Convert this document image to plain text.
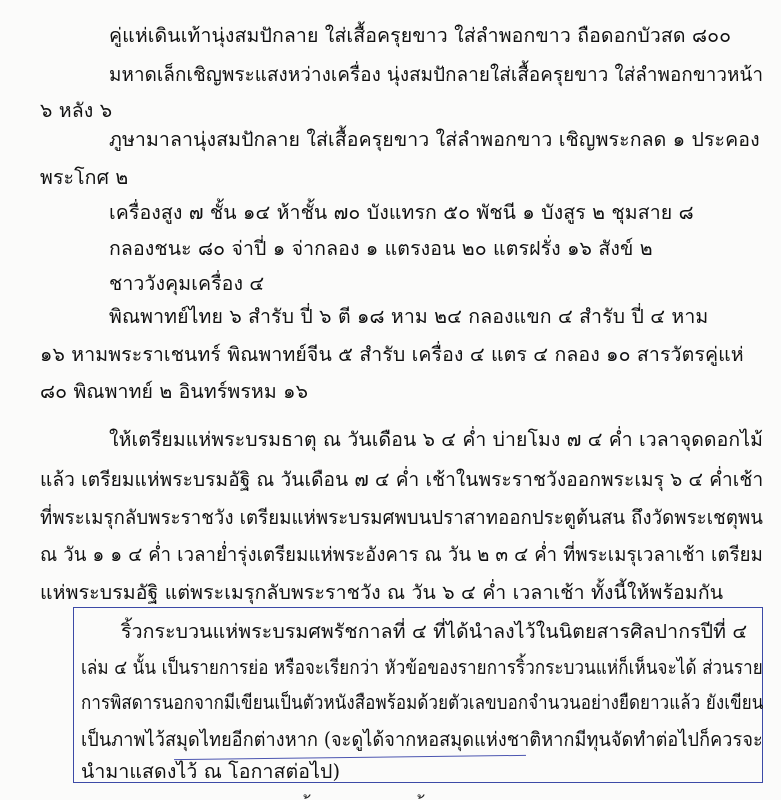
คู่แห่เดินเท้านุ่งสมปักลาย ใส่เสื้อครุยขาว ใส่ลำพอกขาว ถือดอกบัวสด ๘๐๐
มหาดเล็กเชิญพระแสงหว่างเครื่อง นุ่งสมปักลายใส่เสื้อครุยขาว ใส่ลำพอกขาวหน้า
๖ หลัง ๖
ภูษามาลานุ่งสมปักลาย ใส่เสื้อครุยขาว ใส่ลำพอกขาว เชิญพระกลด ๑ ประคอง
พระโกศ ๒
เครื่องสูง ๗ ชั้น ๑๔ ห้าชั้น ๗๐ บังแทรก ๕๐ พัชนี ๑ บังสูร ๒ ชุมสาย ๘
กลองชนะ ๘๐ จ่าปี่ ๑ จ่ากลอง ๑ แตรงอน ๒๐ แตรฝรั่ง ๑๖ สังข์ ๒
ชาววังคุมเครื่อง ๔
พิณพาทย์ไทย ๖ สำรับ ปี่ ๖ ตี ๑๘ หาม ๒๔ กลองแขก ๔ สำรับ ปี่ ๔ หาม
๑๖ หามพระราเชนทร์ พิณพาทย์จีน ๕ สำรับ เครื่อง ๔ แตร ๔ กลอง ๑๐ สารวัตรคู่แห่
๘๐ พิณพาทย์ ๒ อินทร์พรหม ๑๖
ให้เตรียมแห่พระบรมธาตุ ณ วันเดือน ๖ ๔ ค่ำ บ่ายโมง ๗ ๔ ค่ำ เวลาจุดดอกไม้
แล้ว เตรียมแห่พระบรมอัฐิ ณ วันเดือน ๗ ๔ ค่ำ เช้าในพระราชวังออกพระเมรุ ๖ ๔ ค่ำเช้า
ที่พระเมรุกลับพระราชวัง เตรียมแห่พระบรมศพบนปราสาทออกประตูต้นสน ถึงวัดพระเชตุพน
ณ วัน ๑ ๑ ๔ ค่ำ เวลาย่ำรุ่งเตรียมแห่พระอังคาร ณ วัน ๒ ๓ ๔ ค่ำ ที่พระเมรุเวลาเช้า เตรียม
แห่พระบรมอัฐิ แต่พระเมรุกลับพระราชวัง ณ วัน ๖ ๔ ค่ำ เวลาเช้า ทั้งนี้ให้พร้อมกัน
ริ้วกระบวนแห่พระบรมศพรัชกาลที่ ๔ ที่ได้นำลงไว้ในนิตยสารศิลปากรปีที่ ๔
เล่ม ๔ นั้น เป็นรายการย่อ หรือจะเรียกว่า หัวข้อของรายการริ้วกระบวนแห่ก็เห็นจะได้ ส่วนราย
การพิสดารนอกจากมีเขียนเป็นตัวหนังสือพร้อมด้วยตัวเลขบอกจำนวนอย่างยืดยาวแล้ว ยังเขียน
เป็นภาพไว้สมุดไทยอีกต่างหาก (จะดูได้จากหอสมุดแห่งชาติหากมีทุนจัดทำต่อไปก็ควรจะ
นำมาแสดงไว้ ณ โอกาสต่อไป)
